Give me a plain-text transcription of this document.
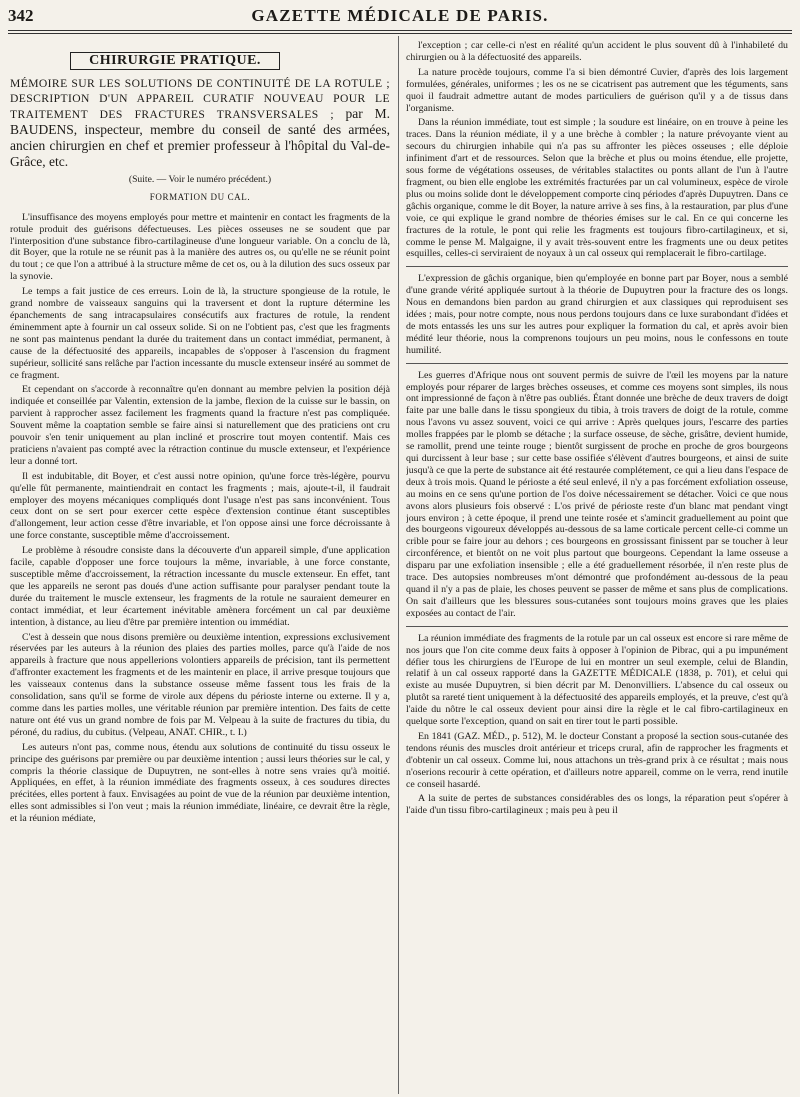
342	GAZETTE MÉDICALE DE PARIS.
CHIRURGIE PRATIQUE.
MÉMOIRE SUR LES SOLUTIONS DE CONTINUITÉ DE LA ROTULE ; DESCRIPTION D'UN APPAREIL CURATIF NOUVEAU POUR LE TRAITEMENT DES FRACTURES TRANSVERSALES ; par M. BAUDENS, inspecteur, membre du conseil de santé des armées, ancien chirurgien en chef et premier professeur à l'hôpital du Val-de-Grâce, etc.
(Suite. — Voir le numéro précédent.)
FORMATION DU CAL.

L'insuffisance des moyens employés pour mettre et maintenir en contact les fragments de la rotule produit des guérisons défectueuses. Les pièces osseuses ne se soudent que par l'interposition d'une substance fibro-cartilagineuse d'une longueur variable. On a conclu de là, dit Boyer, que la rotule ne se réunit pas à la manière des autres os, ou qu'elle ne se réunit point du tout ; ce que l'on a attribué à la structure même de cet os, ou à la dilution des sucs osseux par la synovie.

Le temps a fait justice de ces erreurs. Loin de là, la structure spongieuse de la rotule, le grand nombre de vaisseaux sanguins qui la traversent et dont la rupture détermine les épanchements de sang intracapsulaires consécutifs aux fractures de rotule, la rendent éminemment apte à fournir un cal osseux solide. Si on ne l'obtient pas, c'est que les fragments ne sont pas maintenus pendant la durée du traitement dans un contact immédiat, permanent, à cause de la défectuosité des appareils, incapables de s'opposer à l'ascension du fragment supérieur, sollicité sans relâche par l'action incessante du muscle extenseur inséré au sommet de ce fragment.

Et cependant on s'accorde à reconnaître qu'en donnant au membre pelvien la position déjà indiquée et conseillée par Valentin, extension de la jambe, flexion de la cuisse sur le bassin, on parvient à rapprocher assez facilement les fragments quand la fracture n'est pas compliquée. Souvent même la coaptation semble se faire ainsi si naturellement que des praticiens ont cru pouvoir s'en tenir uniquement au plan incliné et proscrire tout moyen contentif. Mais ces praticiens n'avaient pas compté avec la rétraction continue du muscle extenseur, et l'expérience leur a donné tort.

Il est indubitable, dit Boyer, et c'est aussi notre opinion, qu'une force très-légère, pourvu qu'elle fût permanente, maintiendrait en contact les fragments ; mais, ajoute-t-il, il faudrait employer des moyens mécaniques compliqués dont l'usage n'est pas sans inconvénient. Tous ceux dont on se sert pour exercer cette espèce d'extension continue étant susceptibles d'allongement, leur action cesse d'être invariable, et l'on oppose ainsi une force décroissante à une force constante, susceptible même d'accroissement.

Le problème à résoudre consiste dans la découverte d'un appareil simple, d'une application facile, capable d'opposer une force toujours la même, invariable, à une force constante, susceptible même d'accroissement, la rétraction incessante du muscle extenseur. En effet, tant que les appareils ne seront pas doués d'une action suffisante pour paralyser pendant toute la durée du traitement le muscle extenseur, les fragments de la rotule ne sauraient demeurer en contact immédiat, et leur écartement inévitable amènera forcément un cal par deuxième intention, à distance, au lieu d'être par première intention ou immédiat.

C'est à dessein que nous disons première ou deuxième intention, expressions exclusivement réservées par les auteurs à la réunion des plaies des parties molles, parce qu'à l'aide de nos appareils à fracture que nous appellerions volontiers appareils de précision, tant ils permettent d'affronter exactement les fragments et de les maintenir en place, il arrive presque toujours que les vaisseaux contenus dans la substance osseuse même fassent tous les frais de la consolidation, sans qu'il se forme de virole aux dépens du périoste interne ou externe. Il y a, comme dans les parties molles, une véritable réunion par première intention. Des faits de cette nature ont été vus un grand nombre de fois par M. Velpeau à la suite de fractures du tibia, du péroné, du radius, du cubitus. (Velpeau, ANAT. CHIR., t. I.)

Les auteurs n'ont pas, comme nous, étendu aux solutions de continuité du tissu osseux le principe des guérisons par première ou par deuxième intention ; aussi leurs théories sur le cal, y compris la théorie classique de Dupuytren, ne sont-elles à notre sens vraies qu'à moitié. Appliquées, en effet, à la réunion immédiate des fragments osseux, à ces soudures directes précitées, elles portent à faux. Envisagées au point de vue de la réunion par deuxième intention, elles sont admissibles si l'on veut ; mais la réunion immédiate, linéaire, ce devrait être la règle, et la réunion médiate,

l'exception ; car celle-ci n'est en réalité qu'un accident le plus souvent dû à l'inhabileté du chirurgien ou à la défectuosité des appareils.

La nature procède toujours, comme l'a si bien démontré Cuvier, d'après des lois largement formulées, générales, uniformes ; les os ne se cicatrisent pas autrement que les téguments, sans quoi il faudrait admettre autant de modes particuliers de guérison qu'il y a de tissus dans l'organisme.

Dans la réunion immédiate, tout est simple ; la soudure est linéaire, on en trouve à peine les traces. Dans la réunion médiate, il y a une brèche à combler ; la nature prévoyante vient au secours du chirurgien inhabile qui n'a pas su affronter les pièces osseuses ; elle déploie infiniment d'art et de ressources. Selon que la brèche et plus ou moins étendue, elle projette, sous forme de végétations osseuses, de véritables stalactites ou ponts allant de l'un à l'autre fragment, ou bien elle englobe les extrémités fracturées par un cal volumineux, espèce de virole plus ou moins solide dont le développement comporte cinq périodes d'après Dupuytren. Dans ce gâchis organique, comme le dit Boyer, la nature arrive à ses fins, à la restauration, par plus d'une voie, ce qui explique le grand nombre de théories émises sur le cal. En ce qui concerne les fractures de la rotule, le pont qui relie les fragments est toujours fibro-cartilagineux, et si, comme le pense M. Malgaigne, il y avait très-souvent entre les fragments une ou deux petites esquilles, celles-ci serviraient de noyaux à un cal osseux qui remplacerait le fibro-cartilage.

L'expression de gâchis organique, bien qu'employée en bonne part par Boyer, nous a semblé d'une grande vérité appliquée surtout à la théorie de Dupuytren pour la fracture des os longs. Nous en demandons bien pardon au grand chirurgien et aux classiques qui reproduisent ses idées ; mais, pour notre compte, nous nous perdons toujours dans ce luxe surabondant d'idées et de mots entassés les uns sur les autres pour expliquer la formation du cal, et après avoir bien médité leur théorie, nous la comprenons toujours un peu moins, nous le confessons en toute humilité.

Les guerres d'Afrique nous ont souvent permis de suivre de l'œil les moyens par la nature employés pour réparer de larges brèches osseuses, et comme ces moyens sont simples, ils nous ont impressionné de façon à n'être pas oubliés. Étant donnée une brèche de deux travers de doigt faite par une balle dans le tissu spongieux du tibia, à trois travers de doigt de la rotule, comme nous l'avons vu assez souvent, voici ce qui arrive : Après quelques jours, l'escarre des parties molles frappées par le plomb se détache ; la surface osseuse, de sèche, grisâtre, devient humide, se ramollit, prend une teinte rouge ; bientôt surgissent de proche en proche de gros bourgeons qui durcissent à leur base ; sur cette base ossifiée s'élèvent d'autres bourgeons, et ainsi de suite jusqu'à ce que la perte de substance ait été restaurée complétement, ce qui a lieu dans l'espace de deux à trois mois. Quand le périoste a été seul enlevé, il n'y a pas forcément exfoliation osseuse, au moins en ce sens qu'une portion de l'os doive nécessairement se détacher. Voici ce que nous avons alors plusieurs fois observé : L'os privé de périoste reste d'un blanc mat pendant vingt jours environ ; à cette époque, il prend une teinte rosée et s'amincit graduellement au point que des bourgeons vigoureux développés au-dessous de sa lame corticale percent celle-ci comme un crible pour se faire jour au dehors ; ces bourgeons en grossissant finissent par se toucher à leur circonférence, et bientôt on ne voit plus partout que bourgeons. Cependant la lame osseuse a disparu par une exfoliation insensible ; elle a été graduellement résorbée, il n'en reste plus de trace. Des autopsies nombreuses m'ont démontré que profondément au-dessous de la peau quand il n'y a pas de plaie, les choses peuvent se passer de même et sans plus de complications. On sait d'ailleurs que les blessures sous-cutanées sont toujours moins graves que les plaies exposées au contact de l'air.

La réunion immédiate des fragments de la rotule par un cal osseux est encore si rare même de nos jours que l'on cite comme deux faits à opposer à l'opinion de Pibrac, qui a pu impunément défier tous les chirurgiens de l'Europe de lui en montrer un seul exemple, celui de Blandin, relatif à un cal osseux rapporté dans la GAZETTE MÉDICALE (1838, p. 701), et celui qui existe au musée Dupuytren, si bien décrit par M. Denonvilliers. L'absence du cal osseux ou plutôt sa rareté tient uniquement à la défectuosité des appareils employés, et la preuve, c'est qu'à l'aide du nôtre le cal osseux devient pour ainsi dire la règle et le cal fibro-cartilagineux en quelque sorte l'exception, quand on sait en tirer tout le parti possible.

En 1841 (GAZ. MÉD., p. 512), M. le docteur Constant a proposé la section sous-cutanée des tendons réunis des muscles droit antérieur et triceps crural, afin de rapprocher les fragments et d'obtenir un cal osseux. Comme lui, nous attachons un très-grand prix à ce résultat ; mais nous n'oserions recourir à cette opération, et d'ailleurs notre appareil, comme on le verra, rend inutile ce conseil hasardé.

A la suite de pertes de substances considérables des os longs, la réparation peut s'opérer à l'aide d'un tissu fibro-cartilagineux ; mais peu à peu il
